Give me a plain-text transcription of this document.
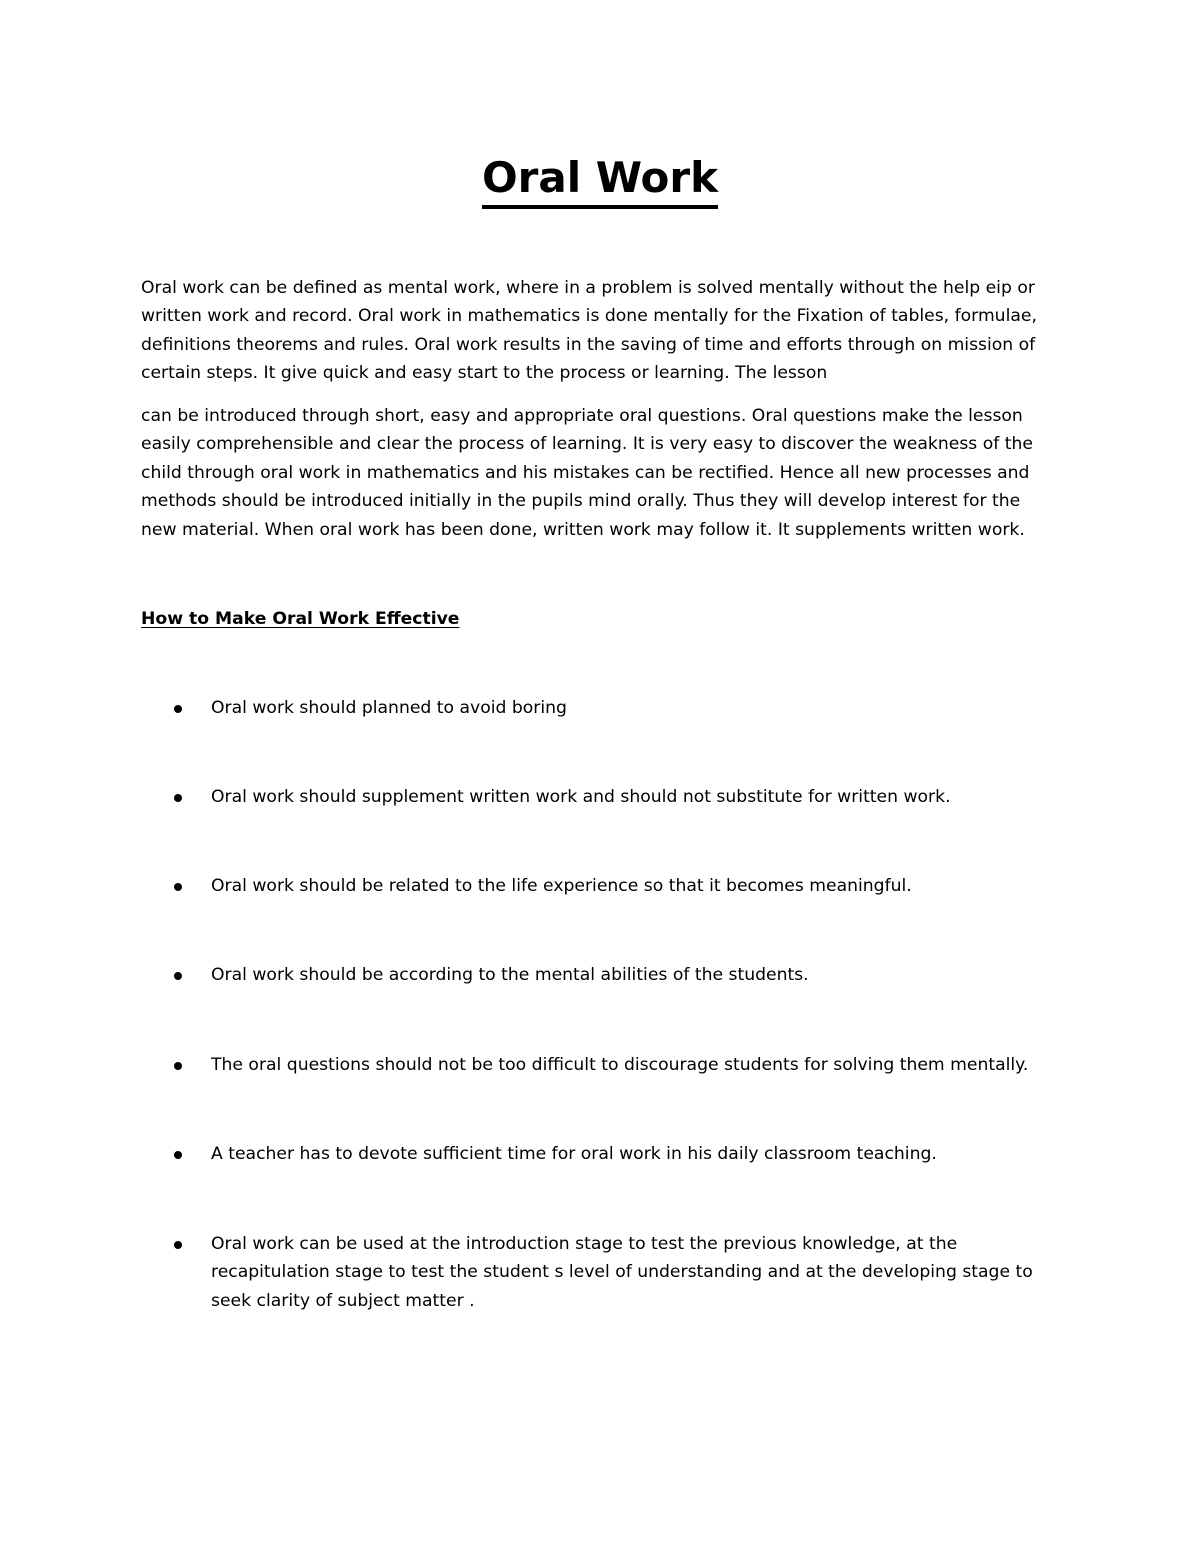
Oral Work

Oral work can be defined as mental work, where in a problem is solved mentally without the help eip or
written work and record. Oral work in mathematics is done mentally for the Fixation of tables, formulae,
definitions theorems and rules. Oral work results in the saving of time and efforts through on mission of
certain steps. It give quick and easy start to the process or learning. The lesson

can be introduced through short, easy and appropriate oral questions. Oral questions make the lesson
easily comprehensible and clear the process of learning. It is very easy to discover the weakness of the
child through oral work in mathematics and his mistakes can be rectified. Hence all new processes and
methods should be introduced initially in the pupils mind orally. Thus they will develop interest for the
new material. When oral work has been done, written work may follow it. It supplements written work.

How to Make Oral Work Effective
Oral work should planned to avoid boring
Oral work should supplement written work and should not substitute for written work.
Oral work should be related to the life experience so that it becomes meaningful.
Oral work should be according to the mental abilities of the students.
The oral questions should not be too difficult to discourage students for solving them mentally.
A teacher has to devote sufficient time for oral work in his daily classroom teaching.
Oral work can be used at the introduction stage to test the previous knowledge, at the
recapitulation stage to test the student s level of understanding and at the developing stage to
seek clarity of subject matter .
